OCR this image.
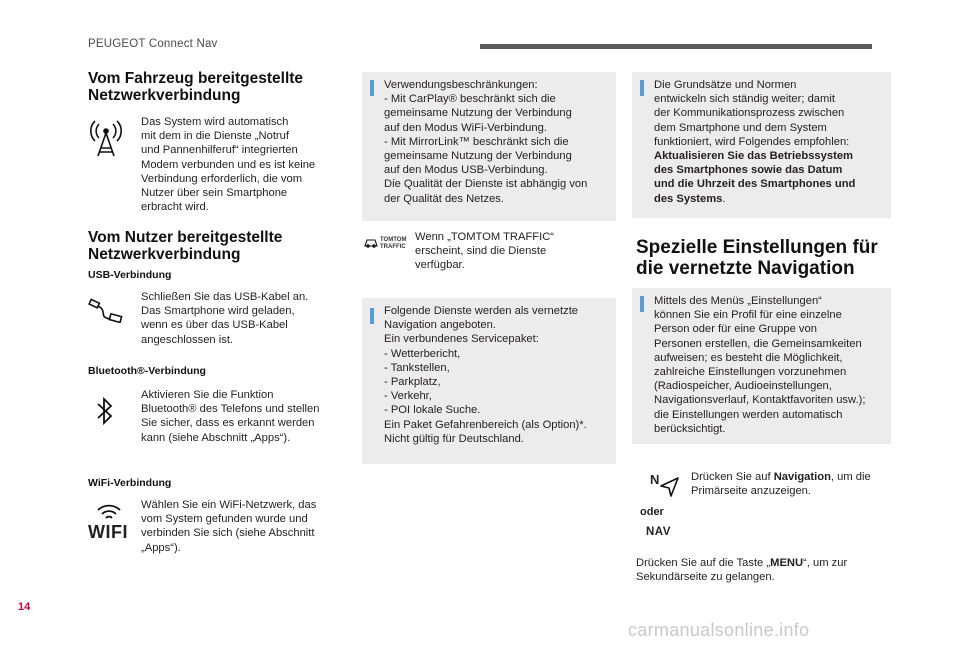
PEUGEOT Connect Nav
Vom Fahrzeug bereitgestellte
Netzwerkverbindung
Das System wird automatisch
mit dem in die Dienste „Notruf
und Pannenhilferuf“ integrierten
Modem verbunden und es ist keine
Verbindung erforderlich, die vom
Nutzer über sein Smartphone
erbracht wird.
Vom Nutzer bereitgestellte
Netzwerkverbindung
USB-Verbindung
Schließen Sie das USB-Kabel an.
Das Smartphone wird geladen,
wenn es über das USB-Kabel
angeschlossen ist.
Bluetooth®-Verbindung
Aktivieren Sie die Funktion
Bluetooth® des Telefons und stellen
Sie sicher, dass es erkannt werden
kann (siehe Abschnitt „Apps“).
WiFi-Verbindung
WIFI
Wählen Sie ein WiFi-Netzwerk, das
vom System gefunden wurde und
verbinden Sie sich (siehe Abschnitt
„Apps“).
Verwendungsbeschränkungen:
- Mit CarPlay® beschränkt sich die
gemeinsame Nutzung der Verbindung
auf den Modus WiFi-Verbindung.
- Mit MirrorLink™ beschränkt sich die
gemeinsame Nutzung der Verbindung
auf den Modus USB-Verbindung.
Die Qualität der Dienste ist abhängig von
der Qualität des Netzes.
TOMTOM
TRAFFIC
Wenn „TOMTOM TRAFFIC“
erscheint, sind die Dienste
verfügbar.
Folgende Dienste werden als vernetzte
Navigation angeboten.
Ein verbundenes Servicepaket:
- Wetterbericht,
- Tankstellen,
- Parkplatz,
- Verkehr,
- POI lokale Suche.
Ein Paket Gefahrenbereich (als Option)*.
Nicht gültig für Deutschland.
Die Grundsätze und Normen
entwickeln sich ständig weiter; damit
der Kommunikationsprozess zwischen
dem Smartphone und dem System
funktioniert, wird Folgendes empfohlen:
Aktualisieren Sie das Betriebssystem
des Smartphones sowie das Datum
und die Uhrzeit des Smartphones und
des Systems.
Spezielle Einstellungen für
die vernetzte Navigation
Mittels des Menüs „Einstellungen“
können Sie ein Profil für eine einzelne
Person oder für eine Gruppe von
Personen erstellen, die Gemeinsamkeiten
aufweisen; es besteht die Möglichkeit,
zahlreiche Einstellungen vorzunehmen
(Radiospeicher, Audioeinstellungen,
Navigationsverlauf, Kontaktfavoriten usw.);
die Einstellungen werden automatisch
berücksichtigt.
N
oder
NAV
Drücken Sie auf Navigation, um die
Primärseite anzuzeigen.
Drücken Sie auf die Taste „MENU“, um zur
Sekundärseite zu gelangen.
14
carmanualsonline.info
